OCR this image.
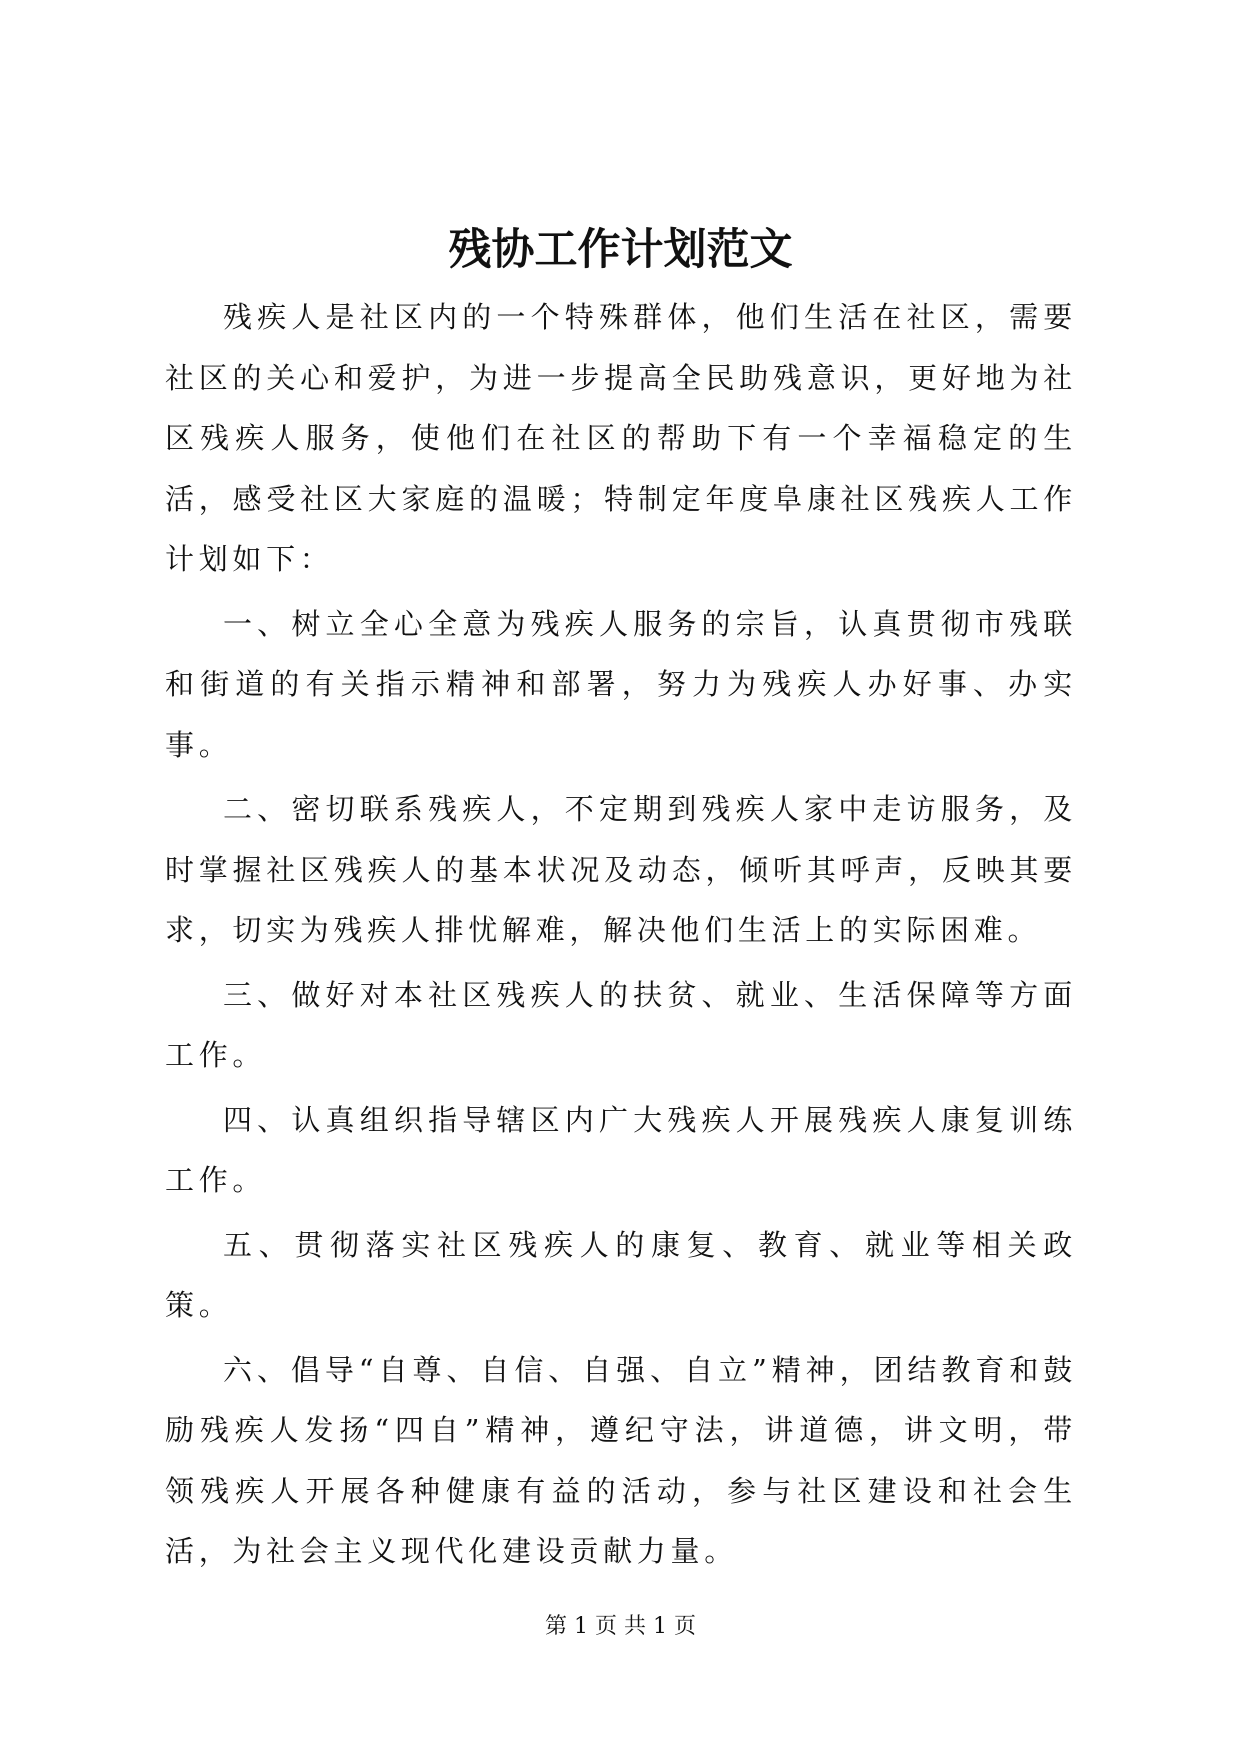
残协工作计划范文

残疾人是社区内的一个特殊群体，他们生活在社区，需要社区的关心和爱护，为进一步提高全民助残意识，更好地为社区残疾人服务，使他们在社区的帮助下有一个幸福稳定的生活，感受社区大家庭的温暖；特制定年度阜康社区残疾人工作计划如下：

一、树立全心全意为残疾人服务的宗旨，认真贯彻市残联和街道的有关指示精神和部署，努力为残疾人办好事、办实事。

二、密切联系残疾人，不定期到残疾人家中走访服务，及时掌握社区残疾人的基本状况及动态，倾听其呼声，反映其要求，切实为残疾人排忧解难，解决他们生活上的实际困难。

三、做好对本社区残疾人的扶贫、就业、生活保障等方面工作。

四、认真组织指导辖区内广大残疾人开展残疾人康复训练工作。

五、贯彻落实社区残疾人的康复、教育、就业等相关政策。

六、倡导“自尊、自信、自强、自立”精神，团结教育和鼓励残疾人发扬“四自”精神，遵纪守法，讲道德，讲文明，带领残疾人开展各种健康有益的活动，参与社区建设和社会生活，为社会主义现代化建设贡献力量。

第 1 页 共 1 页
